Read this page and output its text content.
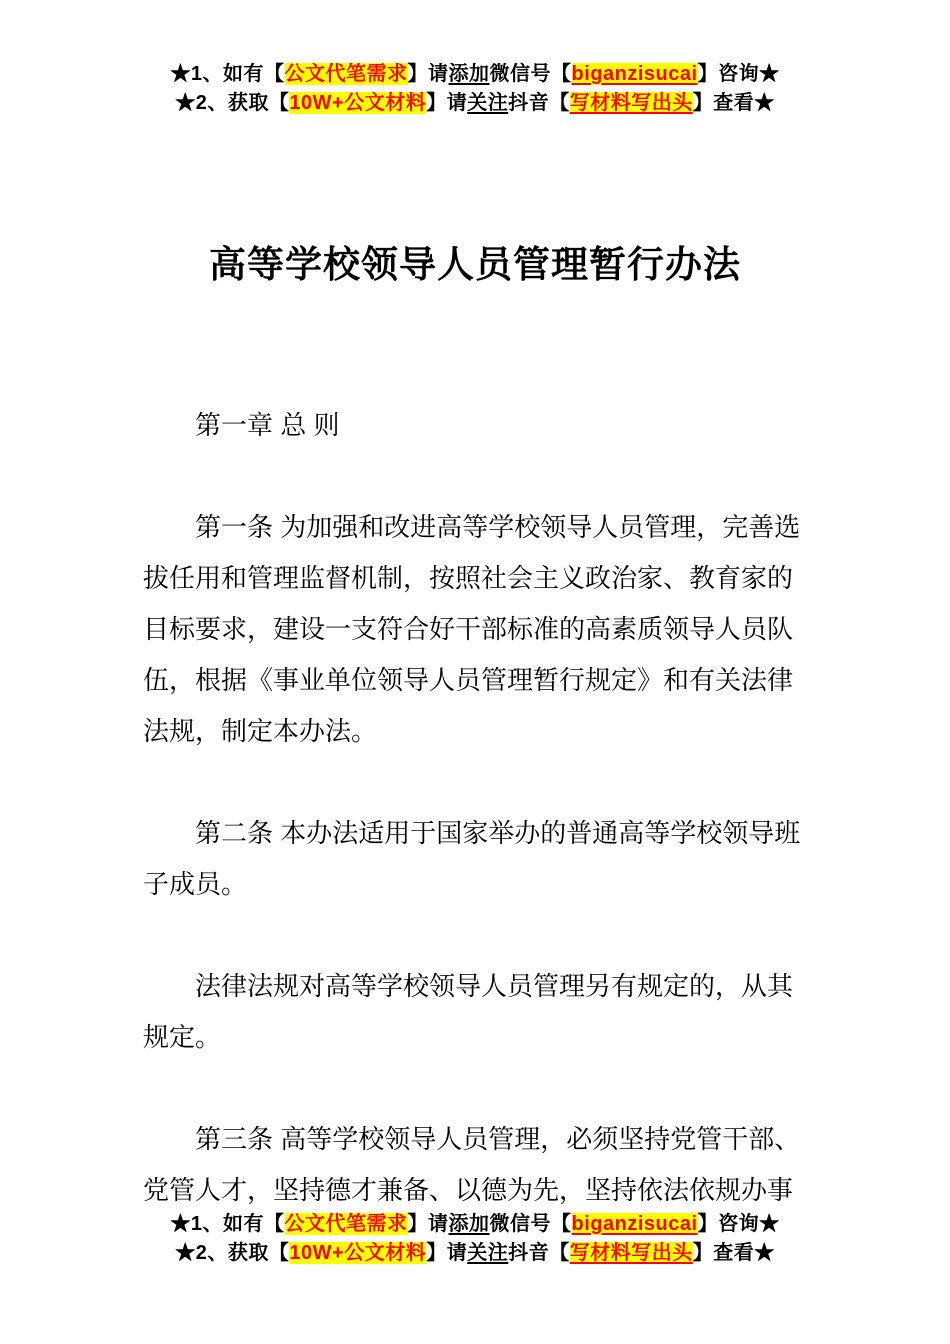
★1、如有【公文代笔需求】请添加微信号【biganzisucai】咨询★
★2、获取【10W+公文材料】请关注抖音【写材料写出头】查看★
高等学校领导人员管理暂行办法
第一章 总 则
第一条 为加强和改进高等学校领导人员管理，完善选
拔任用和管理监督机制，按照社会主义政治家、教育家的
目标要求，建设一支符合好干部标准的高素质领导人员队
伍，根据《事业单位领导人员管理暂行规定》和有关法律
法规，制定本办法。
第二条 本办法适用于国家举办的普通高等学校领导班
子成员。
法律法规对高等学校领导人员管理另有规定的，从其
规定。
第三条 高等学校领导人员管理，必须坚持党管干部、
党管人才，坚持德才兼备、以德为先，坚持依法依规办事
★1、如有【公文代笔需求】请添加微信号【biganzisucai】咨询★
★2、获取【10W+公文材料】请关注抖音【写材料写出头】查看★
